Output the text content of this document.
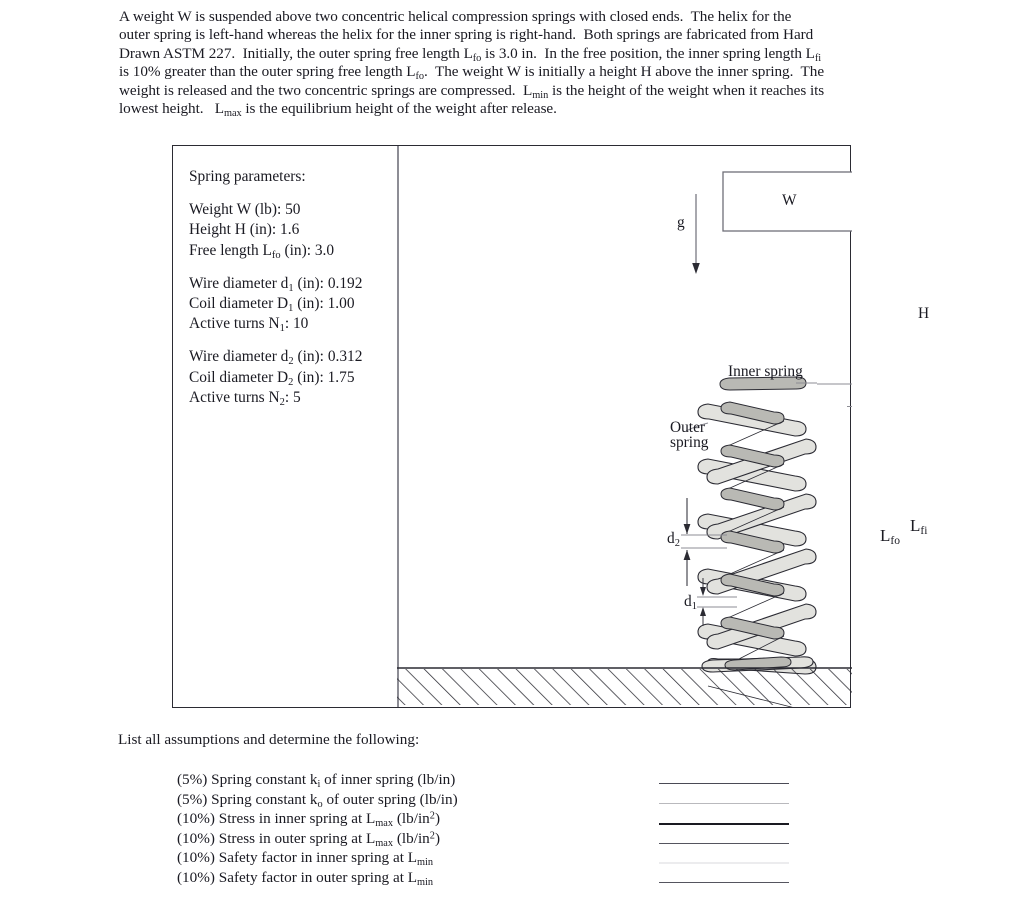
A weight W is suspended above two concentric helical compression springs with closed ends.  The helix for the
outer spring is left-hand whereas the helix for the inner spring is right-hand.  Both springs are fabricated from Hard
Drawn ASTM 227.  Initially, the outer spring free length $L_{fo}$ is 3.0 in.  In the free position, the inner spring length $L_{fi}$
is 10% greater than the outer spring free length $L_{fo}$.  The weight W is initially a height H above the inner spring.  The
weight is released and the two concentric springs are compressed.  $L_{min}$ is the height of the weight when it reaches its
lowest height.   $L_{max}$ is the equilibrium height of the weight after release.
Spring parameters:
Weight W (lb): 50
Height H (in): 1.6
Free length $L_{fo}$ (in): 3.0
Wire diameter $d_1$ (in): 0.192
Coil diameter $D_1$ (in): 1.00
Active turns $N_1$: 10
Wire diameter $d_2$ (in): 0.312
Coil diameter $D_2$ (in): 1.75
Active turns $N_2$: 5
W
g
H
Inner spring
Outer
spring
$d_2$
$d_1$
$L_{fo}$
$L_{fi}$
List all assumptions and determine the following:
(5%) Spring constant $k_i$ of inner spring (lb/in)
(5%) Spring constant $k_o$ of outer spring (lb/in)
(10%) Stress in inner spring at $L_{max}$ $(lb/in^2)$
(10%) Stress in outer spring at $L_{max}$ $(lb/in^2)$
(10%) Safety factor in inner spring at $L_{min}$
(10%) Safety factor in outer spring at $L_{min}$
